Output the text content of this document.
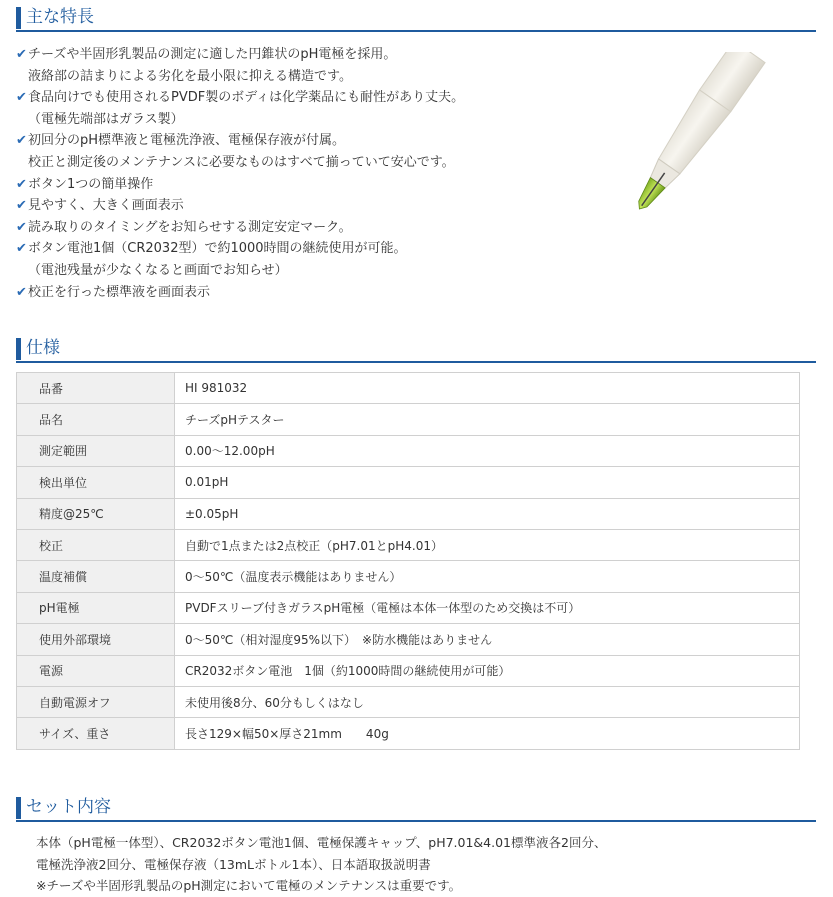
主な特長
✔チーズや半固形乳製品の測定に適した円錐状のpH電極を採用。
液絡部の詰まりによる劣化を最小限に抑える構造です。
✔食品向けでも使用されるPVDF製のボディは化学薬品にも耐性があり丈夫。
（電極先端部はガラス製）
✔初回分のpH標準液と電極洗浄液、電極保存液が付属。
校正と測定後のメンテナンスに必要なものはすべて揃っていて安心です。
✔ボタン1つの簡単操作
✔見やすく、大きく画面表示
✔読み取りのタイミングをお知らせする測定安定マーク。
✔ボタン電池1個（CR2032型）で約1000時間の継続使用が可能。
（電池残量が少なくなると画面でお知らせ）
✔校正を行った標準液を画面表示
仕様
品番	HI 981032
品名	チーズpHテスター
測定範囲	0.00～12.00pH
検出単位	0.01pH
精度@25℃	±0.05pH
校正	自動で1点または2点校正（pH7.01とpH4.01）
温度補償	0～50℃（温度表示機能はありません）
pH電極	PVDFスリーブ付きガラスpH電極（電極は本体一体型のため交換は不可）
使用外部環境	0～50℃（相対湿度95%以下）　※防水機能はありません
電源	CR2032ボタン電池　1個（約1000時間の継続使用が可能）
自動電源オフ	未使用後8分、60分もしくはなし
サイズ、重さ	長さ129×幅50×厚さ21mm　　40g
セット内容
本体（pH電極一体型）、CR2032ボタン電池1個、電極保護キャップ、pH7.01&4.01標準液各2回分、
電極洗浄液2回分、電極保存液（13mLボトル1本）、日本語取扱説明書
※チーズや半固形乳製品のpH測定において電極のメンテナンスは重要です。
